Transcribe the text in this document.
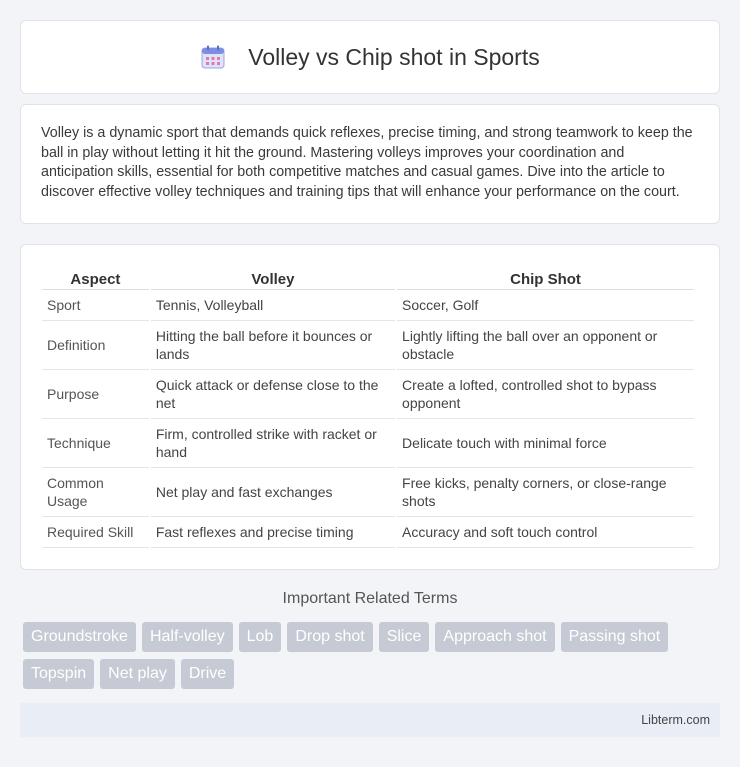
Volley vs Chip shot in Sports

Volley is a dynamic sport that demands quick reflexes, precise timing, and strong teamwork to keep the ball in play without letting it hit the ground. Mastering volleys improves your coordination and anticipation skills, essential for both competitive matches and casual games. Dive into the article to discover effective volley techniques and training tips that will enhance your performance on the court.

Aspect	Volley	Chip Shot
Sport	Tennis, Volleyball	Soccer, Golf
Definition	Hitting the ball before it bounces or lands	Lightly lifting the ball over an opponent or obstacle
Purpose	Quick attack or defense close to the net	Create a lofted, controlled shot to bypass opponent
Technique	Firm, controlled strike with racket or hand	Delicate touch with minimal force
Common Usage	Net play and fast exchanges	Free kicks, penalty corners, or close-range shots
Required Skill	Fast reflexes and precise timing	Accuracy and soft touch control
Important Related Terms
Groundstroke	Half-volley	Lob	Drop shot	Slice	Approach shot	Passing shot
Topspin	Net play	Drive
Libterm.com
